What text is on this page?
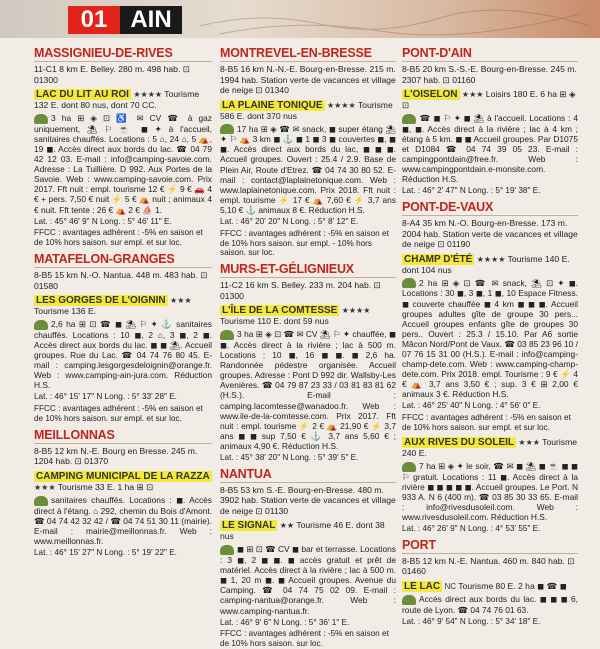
01 AIN
MASSIGNIEU-DE-RIVES
11-C1 8 km E. Belley. 280 m. 498 hab. ⊡ 01300
LAC DU LIT AU ROI ★★★★ Tourisme 132 E. dont 80 nus, dont 70 CC.
3 ha ⊞ ◈ ⊡ ♿ ✉ CV ☎ à gaz uniquement, ⛱ ⚐ ☕ ◼ ✦ à l'accueil, sanitaires chauffés. Locations : 5 ⌂, 24 ⌂, 5 ⛺, 19 ◼. Accès direct aux bords du lac. ☎ 04 79 42 12 03. E-mail : info@camping-savoie.com. Adresse : La Tuillière. D 992. Aux Portes de la Savoie. Web : www.camping-savoie.com. Prix 2017. Fft nuit : empl. tourisme 12 € ⚡ 9 € 🚗 4 € + pers. 7,50 € nuit ⚡ 5 € ⛺ nuit ; animaux 4 € nuit. Fft tente : 26 € ⛺ 2 € ⛵ 1.
Lat. : 45° 46' 9" N Long. : 5° 46' 11" E.
FFCC : avantages adhérent : -5% en saison et de 10% hors saison. sur empl. et sur loc.
MATAFELON-GRANGES
8-B5 15 km N.-O. Nantua. 448 m. 483 hab. ⊡ 01580
LES GORGES DE L'OIGNIN ★★★ Tourisme 136 E.
2,6 ha ⊞ ⊡ ☎ ◼ ⛱ ⚐ ✦ ⚓ sanitaires chauffés. Locations : 10 ◼, 2 ⌂, 3 ◼, 2 ◼. Accès direct aux bords du lac. ◼ ◼ ⛱. Accueil groupes. Rue du Lac. ☎ 04 74 76 80 45. E-mail : camping.lesgorgesdeloignin@orange.fr. Web : www.camping-ain-jura.com. Réduction H.S.
Lat. : 46° 15' 17" N Long. : 5° 33' 28" E.
FFCC : avantages adhérent : -5% en saison et de 10% hors saison. sur empl. et sur loc.
MEILLONNAS
8-B5 12 km N.-E. Bourg en Bresse. 245 m. 1204 hab. ⊡ 01370
CAMPING MUNICIPAL DE LA RAZZA ★★★ Tourisme 33 E. 1 ha ⊞ ⊡
sanitaires chauffés. Locations : ◼. Accès direct à l'étang. ⌂ 292, chemin du Bois d'Amont. ☎ 04 74 42 32 42 / ☎ 04 74 51 30 11 (mairie). E-mail : mairie@meillonnas.fr. Web : www.meillonnas.fr.
Lat. : 46° 15' 27" N Long. : 5° 19' 22" E.
MONTREVEL-EN-BRESSE
8-B5 16 km N.-N.-E. Bourg-en-Bresse. 215 m. 1994 hab. Station verte de vacances et village de neige ⊡ 01340
LA PLAINE TONIQUE ★★★★ Tourisme 586 E. dont 370 nus
17 ha ⊞ ◈ ☎ ✉ snack, ◼ super étang ⛱ ✦ ⚐ ⛺ 3 km ◼ ⚓ ◼ 1 ◼ 3 ◼ couvertes ◼, ◼ ◼. Accès direct aux bords du lac, ◼ ◼ ◼. Accueil groupes. Ouvert : 25.4 / 2.9. Base de Plein Air, Route d'Etrez. ☎ 04 74 30 80 52. E-mail : contact@laplainetonique.com. Web : www.laplainetonique.com. Prix 2018. Fft nuit : empl. tourisme ⚡ 17 € ⛺ 7,60 € ⚡ 3,7 ans 5,10 € ⚓ animaux 8 €. Réduction H.S.
Lat. : 46° 20' 20" N Long. : 5° 8' 12" E.
FFCC : avantages adhérent : -5% en saison et de 10% hors saison. sur empl. - 10% hors saison. sur loc.
MURS-ET-GÉLIGNIEUX
11-C2 16 km S. Belley. 233 m. 204 hab. ⊡ 01300
L'ÎLE DE LA COMTESSE ★★★★ Tourisme 110 E. dont 59 nus
3 ha ⊞ ◈ ⊡ ☎ ✉ CV ⛱ ⚐ ✦ chauffée, ◼ ◼. Accès direct à la rivière ; lac à 500 m. Locations : 10 ◼, 16 ◼ ◼. ◼ 2,6 ha. Randonnée pédestre organisée. Accueil groupes. Adresse : Pont D 992 dir. Wallsby-Les Avenières. ☎ 04 79 87 23 33 / 03 81 83 81 62 (H.S.). E-mail : camping.lacomtesse@wanadoo.fr. Web : www.ile-de-la-comtesse.com. Prix 2017. Fft nuit : empl. tourisme ⚡ 2 € ⛺ 21,90 € ⚡ 3,7 ans ◼ ◼ sup 7,50 € ⚓ 3,7 ans 5,60 € ; animaux 4,90 €. Réduction H.S.
Lat. : 45° 38' 20" N Long. : 5° 39' 5" E.
NANTUA
8-B5 53 km S.-E. Bourg-en-Bresse. 480 m. 3902 hab. Station verte de vacances et village de neige ⊡ 01130
LE SIGNAL ★★ Tourisme 46 E. dont 38 nus
◼ ⊞ ⊡ ☎ CV ◼ bar et terrasse. Locations : 3 ◼, 2 ◼ ◼. ◼ accès gratuit et prêt de matériel. Accès direct à la rivière ; lac à 500 m. ◼ 1, 20 m ◼. ◼ Accueil groupes. Avenue du Camping. ☎ 04 74 75 02 09. E-mail : camping-nantua@orange.fr. Web : www.camping-nantua.fr.
Lat. : 46° 9' 6" N Long. : 5° 36' 1" E.
FFCC : avantages adhérent : -5% en saison et de 10% hors saison. sur loc.
PONT-D'AIN
8-B5 20 km S.-S.-E. Bourg-en-Bresse. 245 m. 2307 hab. ⊡ 01160
L'OISELON ★★★ Loisirs 180 E. 6 ha ⊞ ◈ ⊡
☎ ◼ ⚐ ✦ ◼ ⛱ à l'accueil. Locations : 4 ◼, ◼. Accès direct à la rivière ; lac à 4 km ; étang à 5 km. ◼ ◼ Accueil groupes. Par D1075 et D1084 ☎ 04 74 39 05 23. E-mail : campingpontdain@free.fr. Web : www.campingpontdain.e-monsite.com. Réduction H.S.
Lat. : 46° 2' 47" N Long. : 5° 19' 38" E.
PONT-DE-VAUX
8-A4 35 km N.-O. Bourg-en-Bresse. 173 m. 2004 hab. Station verte de vacances et village de neige ⊡ 01190
CHAMP D'ÉTÉ ★★★★ Tourisme 140 E. dont 104 nus
2 ha ⊞ ◈ ⊡ ☎ ✉ snack, ⛱ ⊡ ✦ ◼. Locations : 30 ◼, 3 ◼, 1 ◼, 10 Espace Fitness. ◼ couverte chauffée ◼ 4 km ◼ ◼ ◼. Accueil groupes adultes gîte de groupe 30 pers... Accueil groupes enfants gîte de groupes 30 pers.. Ouvert : 25.3 / 15.10. Par A6 sortie Mâcon Nord/Pont de Vaux. ☎ 03 85 23 96 10 / 07 76 15 31 00 (H.S.). E-mail : info@camping-champ-dete.com. Web : www.camping-champ-dete.com. Prix 2018. empl. Tourisme : 9 € ⚡ 4 € ⛺ 3,7 ans 3,50 € ; sup. 3 € ⊞ 2,00 € animaux 3 €. Réduction H.S.
Lat. : 46° 25' 40" N Long. : 4° 56' 0" E.
FFCC : avantages adhérent : -5% en saison et de 10% hors saison. sur empl. et sur loc.
AUX RIVES DU SOLEIL ★★★ Tourisme 240 E.
7 ha ⊞ ◈ ✦ le soir, ☎ ✉ ◼ ⛱ ◼ ☕ ◼ ◼ ⚐ gratuit. Locations : 11 ◼. Accès direct à la rivière ◼ ◼ ◼ ◼ ◼. Accueil groupes. Le Port. N 933 A. N 6 (400 m). ☎ 03 85 30 33 65. E-mail : info@rivesdusoleil.com. Web : www.rivesdusoleil.com. Réduction H.S.
Lat. : 46° 26' 9" N Long. : 4° 53' 55" E.
PORT
8-B5 12 km N.-E. Nantua. 460 m. 840 hab. ⊡ 01460
LE LAC NC Tourisme 80 E. 2 ha ◼ ☎ ◼
Accès direct aux bords du lac. ◼ ◼ ◼ 6, route de Lyon. ☎ 04 74 76 01 63.
Lat. : 46° 9' 54" N Long. : 5° 34' 18" E.
